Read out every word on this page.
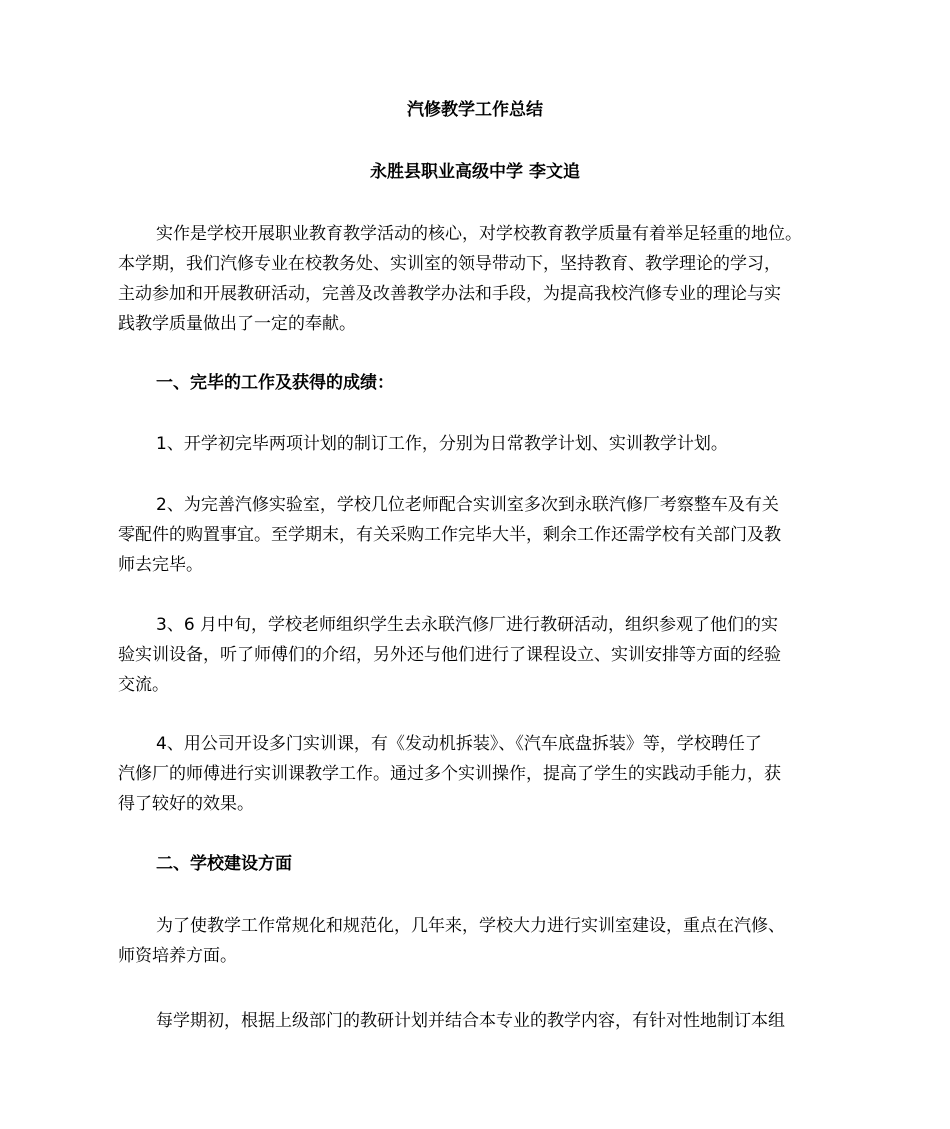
汽修教学工作总结
永胜县职业高级中学 李文追
实作是学校开展职业教育教学活动的核心，对学校教育教学质量有着举足轻重的地位。
本学期，我们汽修专业在校教务处、实训室的领导带动下，坚持教育、教学理论的学习，
主动参加和开展教研活动，完善及改善教学办法和手段，为提高我校汽修专业的理论与实
践教学质量做出了一定的奉献。
一、完毕的工作及获得的成绩：
1、开学初完毕两项计划的制订工作，分别为日常教学计划、实训教学计划。
2、为完善汽修实验室，学校几位老师配合实训室多次到永联汽修厂考察整车及有关
零配件的购置事宜。至学期末，有关采购工作完毕大半，剩余工作还需学校有关部门及教
师去完毕。
3、6 月中旬，学校老师组织学生去永联汽修厂进行教研活动，组织参观了他们的实
验实训设备，听了师傅们的介绍，另外还与他们进行了课程设立、实训安排等方面的经验
交流。
4、用公司开设多门实训课，有《发动机拆装》、《汽车底盘拆装》等，学校聘任了
汽修厂的师傅进行实训课教学工作。通过多个实训操作，提高了学生的实践动手能力，获
得了较好的效果。
二、学校建设方面
为了使教学工作常规化和规范化，几年来，学校大力进行实训室建设，重点在汽修、
师资培养方面。
每学期初，根据上级部门的教研计划并结合本专业的教学内容，有针对性地制订本组
